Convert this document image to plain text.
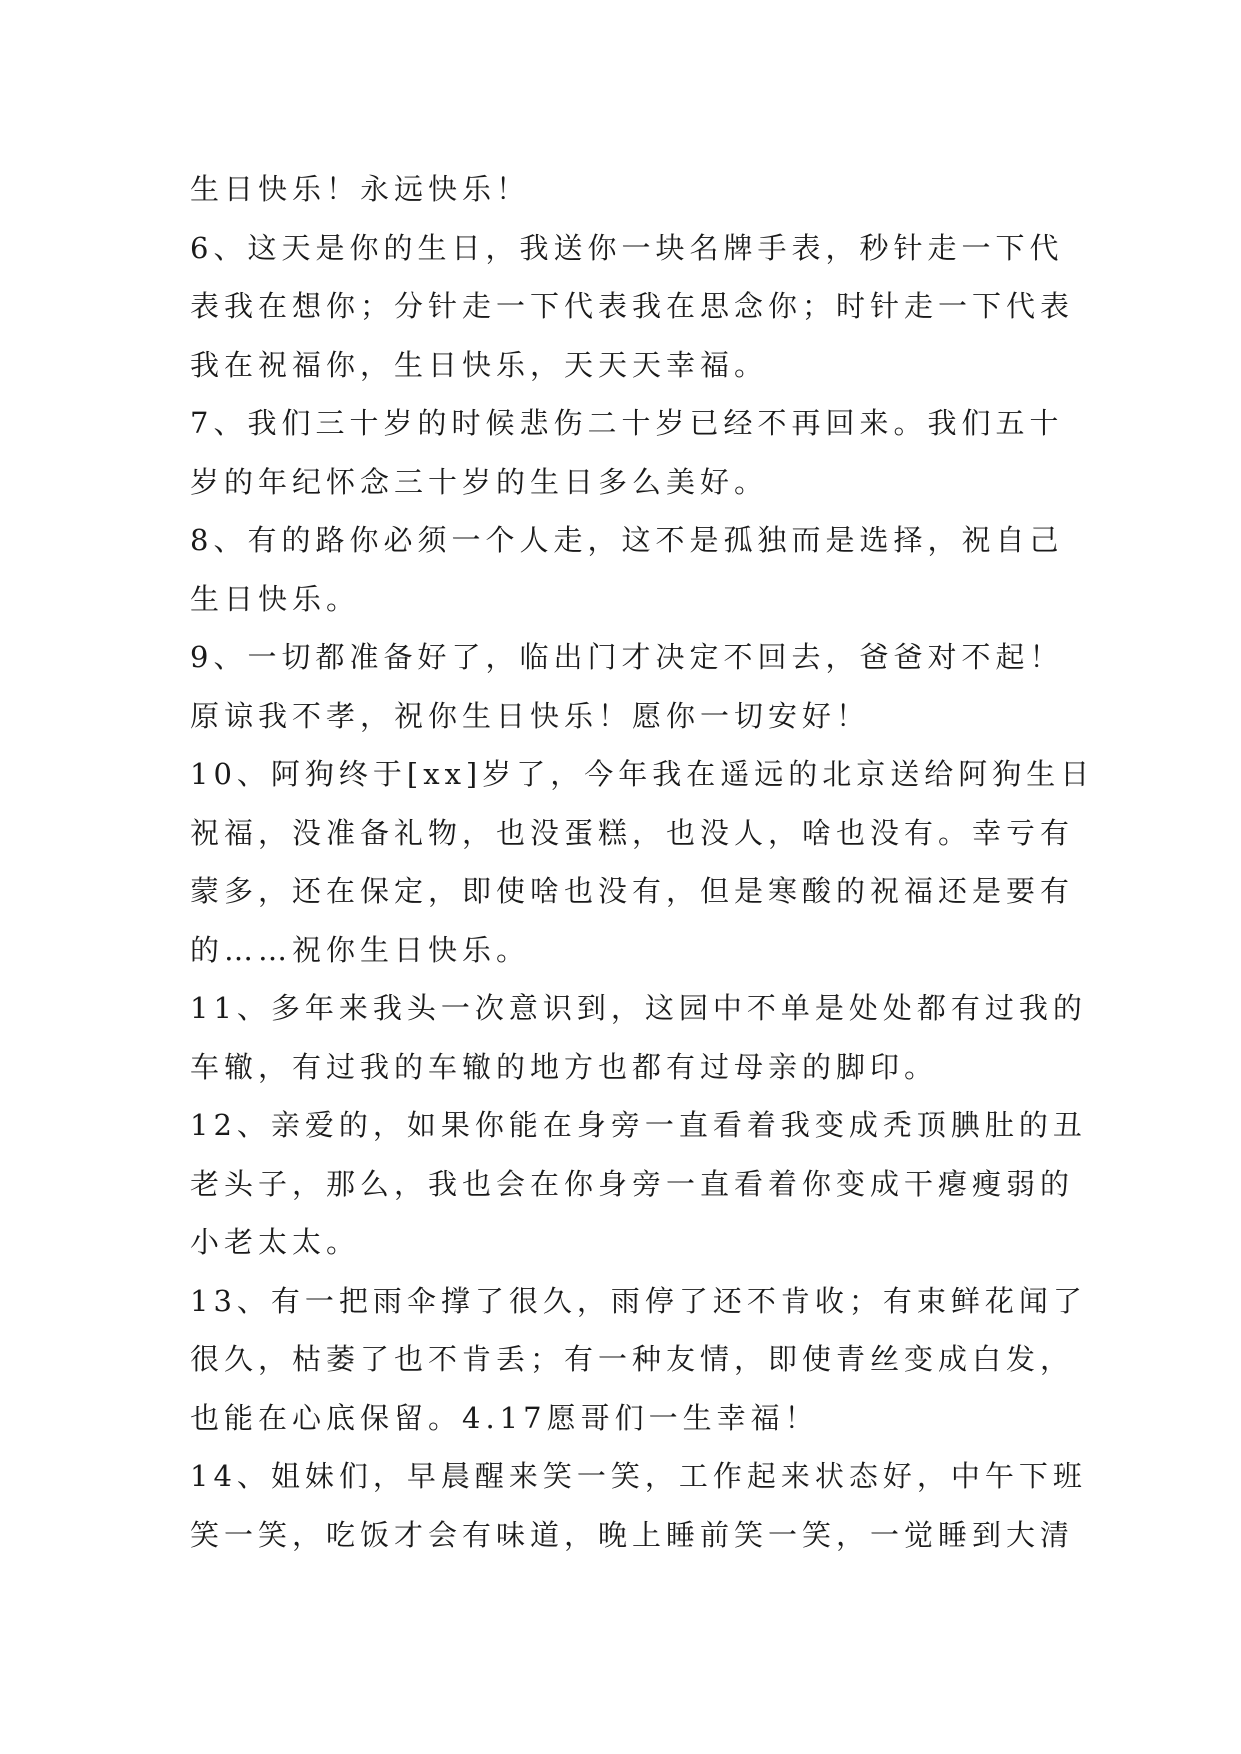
生日快乐！永远快乐！
6、这天是你的生日，我送你一块名牌手表，秒针走一下代
表我在想你；分针走一下代表我在思念你；时针走一下代表
我在祝福你，生日快乐，天天天幸福。
7、我们三十岁的时候悲伤二十岁已经不再回来。我们五十
岁的年纪怀念三十岁的生日多么美好。
8、有的路你必须一个人走，这不是孤独而是选择，祝自己
生日快乐。
9、一切都准备好了，临出门才决定不回去，爸爸对不起！
原谅我不孝，祝你生日快乐！愿你一切安好！
10、阿狗终于[xx]岁了，今年我在遥远的北京送给阿狗生日
祝福，没准备礼物，也没蛋糕，也没人，啥也没有。幸亏有
蒙多，还在保定，即使啥也没有，但是寒酸的祝福还是要有
的……祝你生日快乐。
11、多年来我头一次意识到，这园中不单是处处都有过我的
车辙，有过我的车辙的地方也都有过母亲的脚印。
12、亲爱的，如果你能在身旁一直看着我变成秃顶腆肚的丑
老头子，那么，我也会在你身旁一直看着你变成干瘪瘦弱的
小老太太。
13、有一把雨伞撑了很久，雨停了还不肯收；有束鲜花闻了
很久，枯萎了也不肯丢；有一种友情，即使青丝变成白发，
也能在心底保留。4.17愿哥们一生幸福！
14、姐妹们，早晨醒来笑一笑，工作起来状态好，中午下班
笑一笑，吃饭才会有味道，晚上睡前笑一笑，一觉睡到大清
